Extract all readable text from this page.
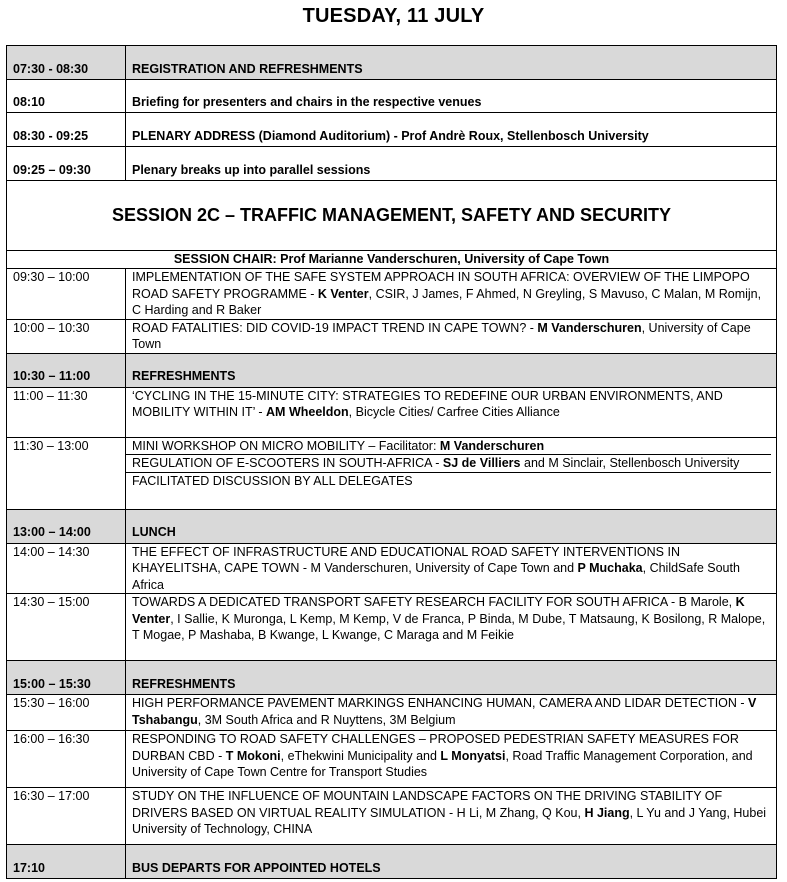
TUESDAY, 11 JULY
07:30 - 08:30	REGISTRATION AND REFRESHMENTS
08:10	Briefing for presenters and chairs in the respective venues
08:30 - 09:25	PLENARY ADDRESS (Diamond Auditorium) - Prof Andrè Roux, Stellenbosch University
09:25 – 09:30	Plenary breaks up into parallel sessions
SESSION 2C – TRAFFIC MANAGEMENT, SAFETY AND SECURITY	
SESSION CHAIR: Prof Marianne Vanderschuren, University of Cape Town	
09:30 – 10:00	IMPLEMENTATION OF THE SAFE SYSTEM APPROACH IN SOUTH AFRICA: OVERVIEW OF THE LIMPOPO ROAD SAFETY PROGRAMME - K Venter, CSIR, J James, F Ahmed, N Greyling, S Mavuso, C Malan, M Romijn, C Harding and R Baker
10:00 – 10:30	ROAD FATALITIES: DID COVID-19 IMPACT TREND IN CAPE TOWN? - M Vanderschuren, University of Cape Town
10:30 – 11:00	REFRESHMENTS
11:00 – 11:30	‘CYCLING IN THE 15-MINUTE CITY: STRATEGIES TO REDEFINE OUR URBAN ENVIRONMENTS, AND MOBILITY WITHIN IT’ - AM Wheeldon, Bicycle Cities/ Carfree Cities Alliance
11:30 – 13:00	MINI WORKSHOP ON MICRO MOBILITY – Facilitator: M Vanderschuren
REGULATION OF E-SCOOTERS IN SOUTH-AFRICA - SJ de Villiers and M Sinclair, Stellenbosch University
FACILITATED DISCUSSION BY ALL DELEGATES

13:00 – 14:00	LUNCH
14:00 – 14:30	THE EFFECT OF INFRASTRUCTURE AND EDUCATIONAL ROAD SAFETY INTERVENTIONS IN KHAYELITSHA, CAPE TOWN - M Vanderschuren, University of Cape Town and P Muchaka, ChildSafe South Africa
14:30 – 15:00	TOWARDS A DEDICATED TRANSPORT SAFETY RESEARCH FACILITY FOR SOUTH AFRICA - B Marole, K Venter, I Sallie, K Muronga, L Kemp, M Kemp, V de Franca, P Binda, M Dube, T Matsaung, K Bosilong, R Malope, T Mogae, P Mashaba, B Kwange, L Kwange, C Maraga and M Feikie
15:00 – 15:30	REFRESHMENTS
15:30 – 16:00	HIGH PERFORMANCE PAVEMENT MARKINGS ENHANCING HUMAN, CAMERA AND LIDAR DETECTION - V Tshabangu, 3M South Africa and R Nuyttens, 3M Belgium
16:00 – 16:30	RESPONDING TO ROAD SAFETY CHALLENGES – PROPOSED PEDESTRIAN SAFETY MEASURES FOR DURBAN CBD - T Mokoni, eThekwini Municipality and L Monyatsi, Road Traffic Management Corporation, and University of Cape Town Centre for Transport Studies
16:30 – 17:00	STUDY ON THE INFLUENCE OF MOUNTAIN LANDSCAPE FACTORS ON THE DRIVING STABILITY OF DRIVERS BASED ON VIRTUAL REALITY SIMULATION - H Li, M Zhang, Q Kou, H Jiang, L Yu and J Yang, Hubei University of Technology, CHINA
17:10	BUS DEPARTS FOR APPOINTED HOTELS
